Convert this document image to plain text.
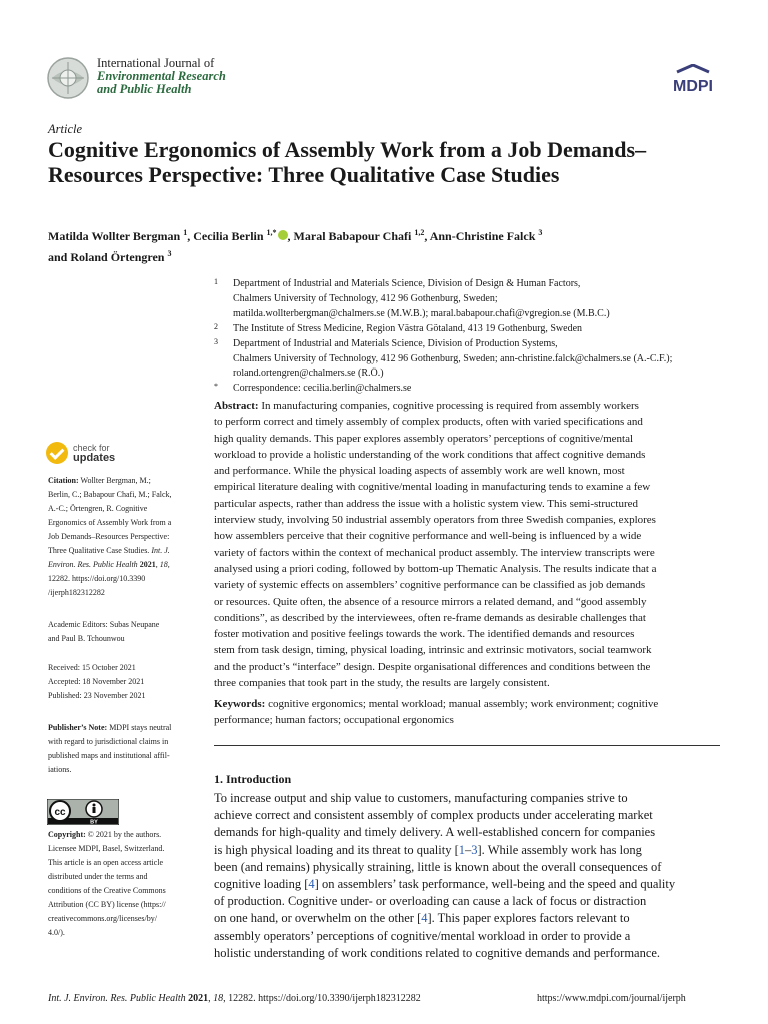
International Journal of
Environmental Research
and Public Health	MDPI
Article
Cognitive Ergonomics of Assembly Work from a Job Demands–Resources Perspective: Three Qualitative Case Studies
Matilda Wollter Bergman $^1$, Cecilia Berlin $^{1,*}$ , Maral Babapour Chafi $^{1,2}$, Ann-Christine Falck $^3$
and Roland Örtengren $^3$
1	Department of Industrial and Materials Science, Division of Design & Human Factors,
Chalmers University of Technology, 412 96 Gothenburg, Sweden;
matilda.wollterbergman@chalmers.se (M.W.B.); maral.babapour.chafi@vgregion.se (M.B.C.)
2	The Institute of Stress Medicine, Region Västra Götaland, 413 19 Gothenburg, Sweden
3	Department of Industrial and Materials Science, Division of Production Systems,
Chalmers University of Technology, 412 96 Gothenburg, Sweden; ann-christine.falck@chalmers.se (A.-C.F.);
roland.ortengren@chalmers.se (R.Ö.)
*	Correspondence: cecilia.berlin@chalmers.se
check for
updates
Citation: Wollter Bergman, M.;
Berlin, C.; Babapour Chafi, M.; Falck,
A.-C.; Örtengren, R. Cognitive
Ergonomics of Assembly Work from a
Job Demands–Resources Perspective:
Three Qualitative Case Studies. Int. J.
Environ. Res. Public Health 2021, 18,
12282. https://doi.org/10.3390
/ijerph182312282
Academic Editors: Subas Neupane
and Paul B. Tchounwou
Received: 15 October 2021
Accepted: 18 November 2021
Published: 23 November 2021
Publisher’s Note: MDPI stays neutral
with regard to jurisdictional claims in
published maps and institutional affil-
iations.
cc
BY
Copyright: © 2021 by the authors.
Licensee MDPI, Basel, Switzerland.
This article is an open access article
distributed under the terms and
conditions of the Creative Commons
Attribution (CC BY) license (https://
creativecommons.org/licenses/by/
4.0/).
Abstract: In manufacturing companies, cognitive processing is required from assembly workers
to perform correct and timely assembly of complex products, often with varied specifications and
high quality demands. This paper explores assembly operators’ perceptions of cognitive/mental
workload to provide a holistic understanding of the work conditions that affect cognitive demands
and performance. While the physical loading aspects of assembly work are well known, most
empirical literature dealing with cognitive/mental loading in manufacturing tends to examine a few
particular aspects, rather than address the issue with a holistic system view. This semi-structured
interview study, involving 50 industrial assembly operators from three Swedish companies, explores
how assemblers perceive that their cognitive performance and well-being is influenced by a wide
variety of factors within the context of mechanical product assembly. The interview transcripts were
analysed using a priori coding, followed by bottom-up Thematic Analysis. The results indicate that a
variety of systemic effects on assemblers’ cognitive performance can be classified as job demands
or resources. Quite often, the absence of a resource mirrors a related demand, and “good assembly
conditions”, as described by the interviewees, often re-frame demands as desirable challenges that
foster motivation and positive feelings towards the work. The identified demands and resources
stem from task design, timing, physical loading, intrinsic and extrinsic motivators, social teamwork
and the product’s “interface” design. Despite organisational differences and conditions between the
three companies that took part in the study, the results are largely consistent.
Keywords: cognitive ergonomics; mental workload; manual assembly; work environment; cognitive
performance; human factors; occupational ergonomics
1. Introduction
To increase output and ship value to customers, manufacturing companies strive to
achieve correct and consistent assembly of complex products under accelerating market
demands for high-quality and timely delivery. A well-established concern for companies
is high physical loading and its threat to quality [1–3]. While assembly work has long
been (and remains) physically straining, little is known about the overall consequences of
cognitive loading [4] on assemblers’ task performance, well-being and the speed and quality
of production. Cognitive under- or overloading can cause a lack of focus or distraction
on one hand, or overwhelm on the other [4]. This paper explores factors relevant to
assembly operators’ perceptions of cognitive/mental workload in order to provide a
holistic understanding of work conditions related to cognitive demands and performance.
Int. J. Environ. Res. Public Health 2021, 18, 12282. https://doi.org/10.3390/ijerph182312282	https://www.mdpi.com/journal/ijerph
